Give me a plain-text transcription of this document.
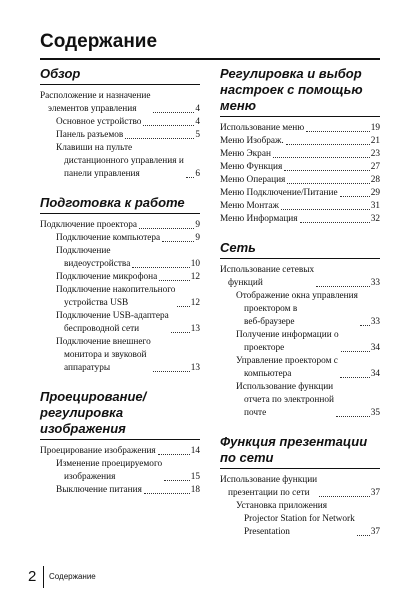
Содержание
Обзор
Расположение и назначение
элементов управления	4
Основное устройство	4
Панель разъемов	5
Клавиши на пульте
дистанционного управления и
панели управления	6
Подготовка к работе
Подключение проектора	9
Подключение компьютера	9
Подключение
видеоустройства	10
Подключение микрофона	12
Подключение накопительного
устройства USB	12
Подключение USB-адаптера
беспроводной сети	13
Подключение внешнего
монитора и звуковой
аппаратуры	13
Проецирование/ регулировка изображения
Проецирование изображения	14
Изменение проецируемого
изображения	15
Выключение питания	18
Регулировка и выбор настроек с помощью меню
Использование меню	19
Меню Изображ.	21
Меню Экран	23
Меню Функция	27
Меню Операция	28
Меню Подключение/Питание	29
Меню Монтаж	31
Меню Информация	32
Сеть
Использование сетевых
функций	33
Отображение окна управления
проектором в
веб-браузере	33
Получение информации о
проекторе	34
Управление проектором с
компьютера	34
Использование функции
отчета по электронной
почте	35
Функция презентации по сети
Использование функции
презентации по сети	37
Установка приложения
Projector Station for Network
Presentation	37
2 Содержание
